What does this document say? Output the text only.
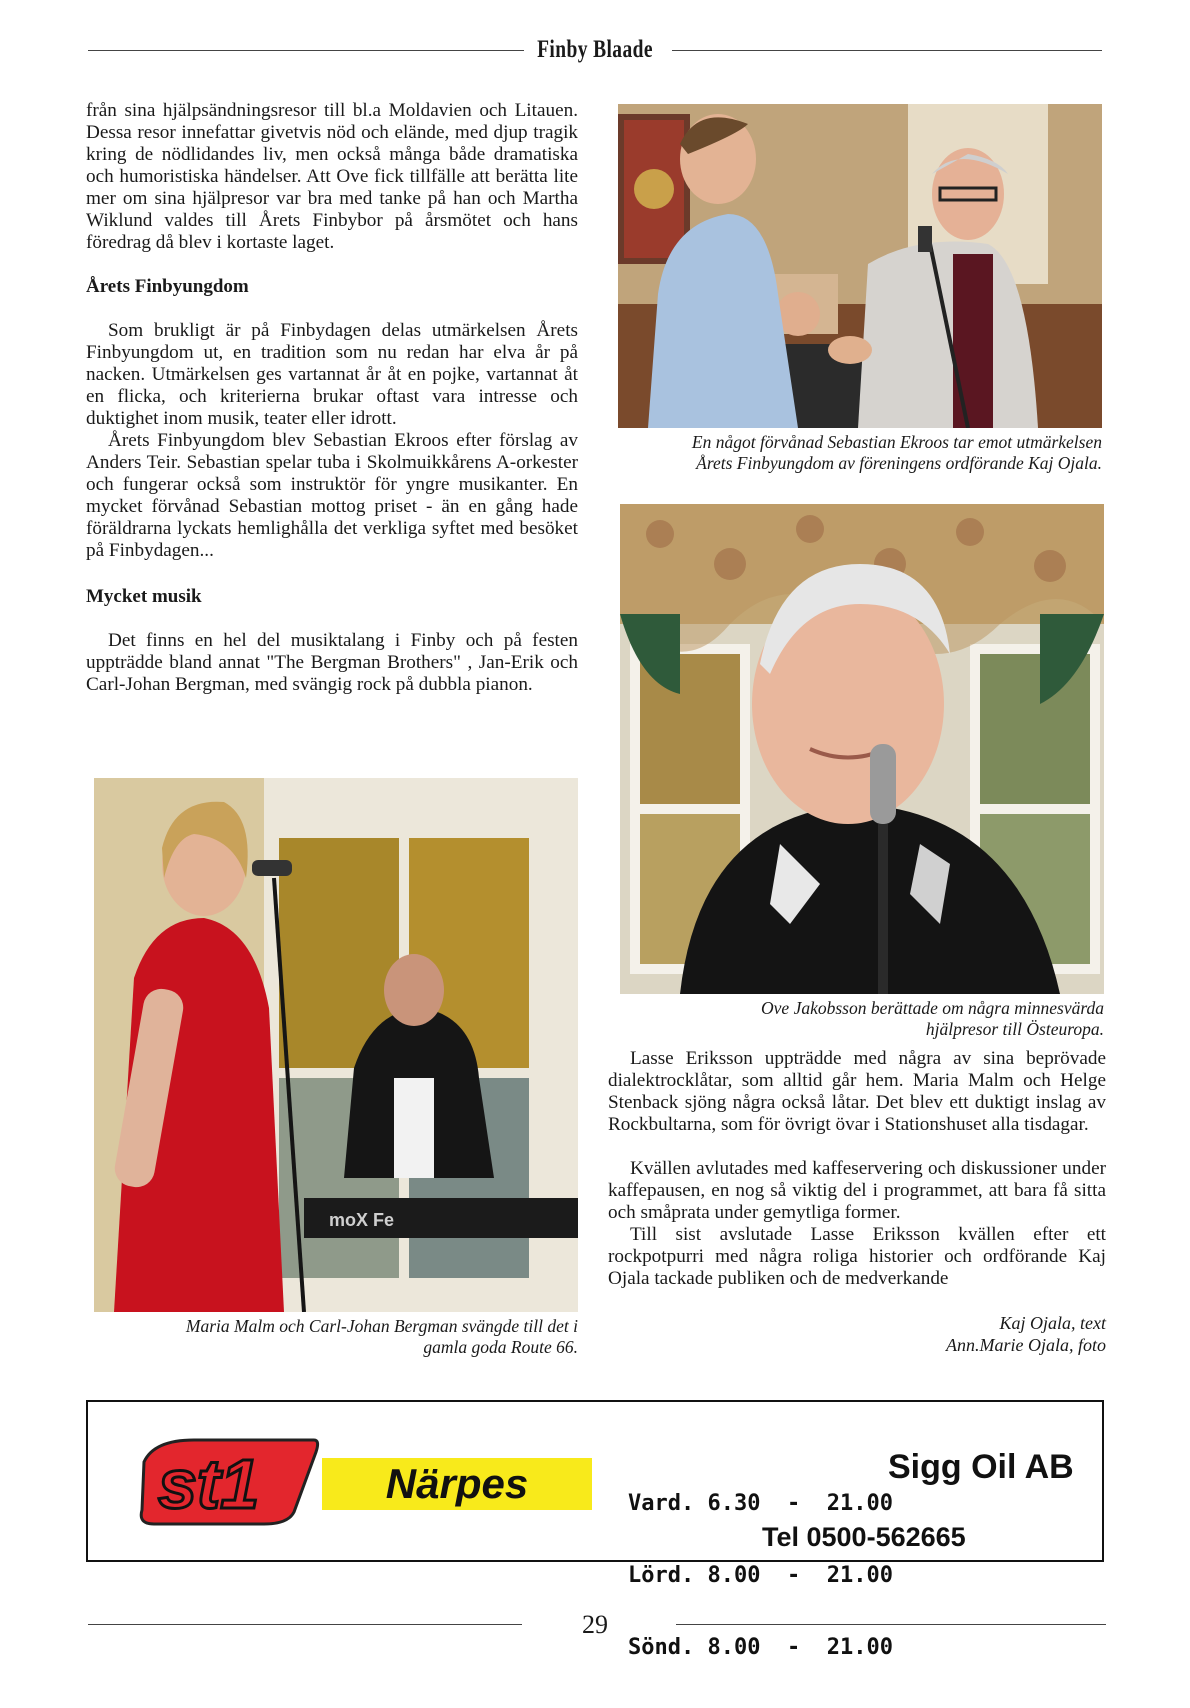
Finby Blaade

från sina hjälpsändningsresor till bl.a Moldavien och Litauen. Dessa resor innefattar givetvis nöd och elände, med djup tragik kring de nödlidandes liv, men också många både dramatiska och humoristiska händelser. Att Ove fick tillfälle att berätta lite mer om sina hjälpresor var bra med tanke på han och Martha Wiklund valdes till Årets Finbybor på årsmötet och hans föredrag då blev i kortaste laget.

Årets Finbyungdom

Som brukligt är på Finbydagen delas utmärkelsen Årets Finbyungdom ut, en tradition som nu redan har elva år på nacken. Utmärkelsen ges vartannat år åt en pojke, vartannat åt en flicka, och kriterierna brukar oftast vara intresse och duktighet inom musik, teater eller idrott.

Årets Finbyungdom blev Sebastian Ekroos efter förslag av Anders Teir. Sebastian spelar tuba i Skolmuikkårens A-orkester och fungerar också som instruktör för yngre musikanter. En mycket förvånad Sebastian mottog priset - än en gång hade föräldrarna lyckats hemlighålla det verkliga syftet med besöket på Finbydagen...

Mycket musik

Det finns en hel del musiktalang i Finby och på festen uppträdde bland annat "The Bergman Brothers" , Jan-Erik och Carl-Johan Bergman, med svängig rock på dubbla pianon.

En något förvånad Sebastian Ekroos tar emot utmärkelsen Årets Finbyungdom av föreningens ordförande Kaj Ojala.
Ove Jakobsson berättade om några minnesvärda hjälpresor till Östeuropa.
moX Fe
Maria Malm och Carl-Johan Bergman svängde till det i gamla goda Route 66.

Lasse Eriksson uppträdde med några av sina beprövade dialektrocklåtar, som alltid går hem. Maria Malm och Helge Stenback sjöng några också låtar. Det blev ett duktigt inslag av Rockbultarna, som för övrigt övar i Stationshuset alla tisdagar.

Kvällen avlutades med kaffeservering och diskussioner under kaffepausen, en nog så viktig del i programmet, att bara få sitta och småprata under gemytliga former.

Till sist avslutade Lasse Eriksson kvällen efter ett rockpotpurri med några roliga historier och ordförande Kaj Ojala tackade publiken och de medverkande

Kaj Ojala, text
Ann.Marie Ojala, foto
st1	Närpes

	Vard. 6.30 - 21.00

Lörd. 8.00 - 21.00

Sönd. 8.00 - 21.00

Sigg Oil AB
Tel 0500-562665
29
